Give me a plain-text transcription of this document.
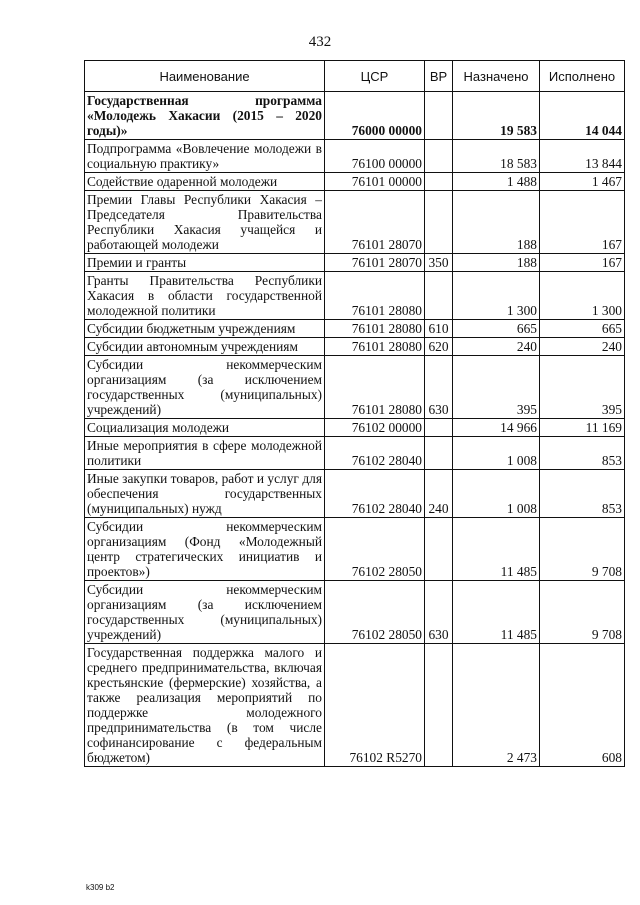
432
Наименование	ЦСР	ВР	Назначено	Исполнено
Государственная программа «Молодежь Хакасии (2015 – 2020 годы)»	76000 00000		19 583	14 044
Подпрограмма «Вовлечение молодежи в социальную практику»	76100 00000		18 583	13 844
Содействие одаренной молодежи	76101 00000		1 488	1 467
Премии Главы Республики Хакасия – Председателя Правительства Республики Хакасия учащейся и работающей молодежи	76101 28070		188	167
Премии и гранты	76101 28070	350	188	167
Гранты Правительства Республики Хакасия в области государственной молодежной политики	76101 28080		1 300	1 300
Субсидии бюджетным учреждениям	76101 28080	610	665	665
Субсидии автономным учреждениям	76101 28080	620	240	240
Субсидии некоммерческим организациям (за исключением государственных (муниципальных) учреждений)	76101 28080	630	395	395
Социализация молодежи	76102 00000		14 966	11 169
Иные мероприятия в сфере молодежной политики	76102 28040		1 008	853
Иные закупки товаров, работ и услуг для обеспечения государственных (муниципальных) нужд	76102 28040	240	1 008	853
Субсидии некоммерческим организациям (Фонд «Молодежный центр стратегических инициатив и проектов»)	76102 28050		11 485	9 708
Субсидии некоммерческим организациям (за исключением государственных (муниципальных) учреждений)	76102 28050	630	11 485	9 708
Государственная поддержка малого и среднего предпринимательства, включая крестьянские (фермерские) хозяйства, а также реализация мероприятий по поддержке молодежного предпринимательства (в том числе софинансирование с федеральным бюджетом)	76102 R5270		2 473	608
k309 b2
